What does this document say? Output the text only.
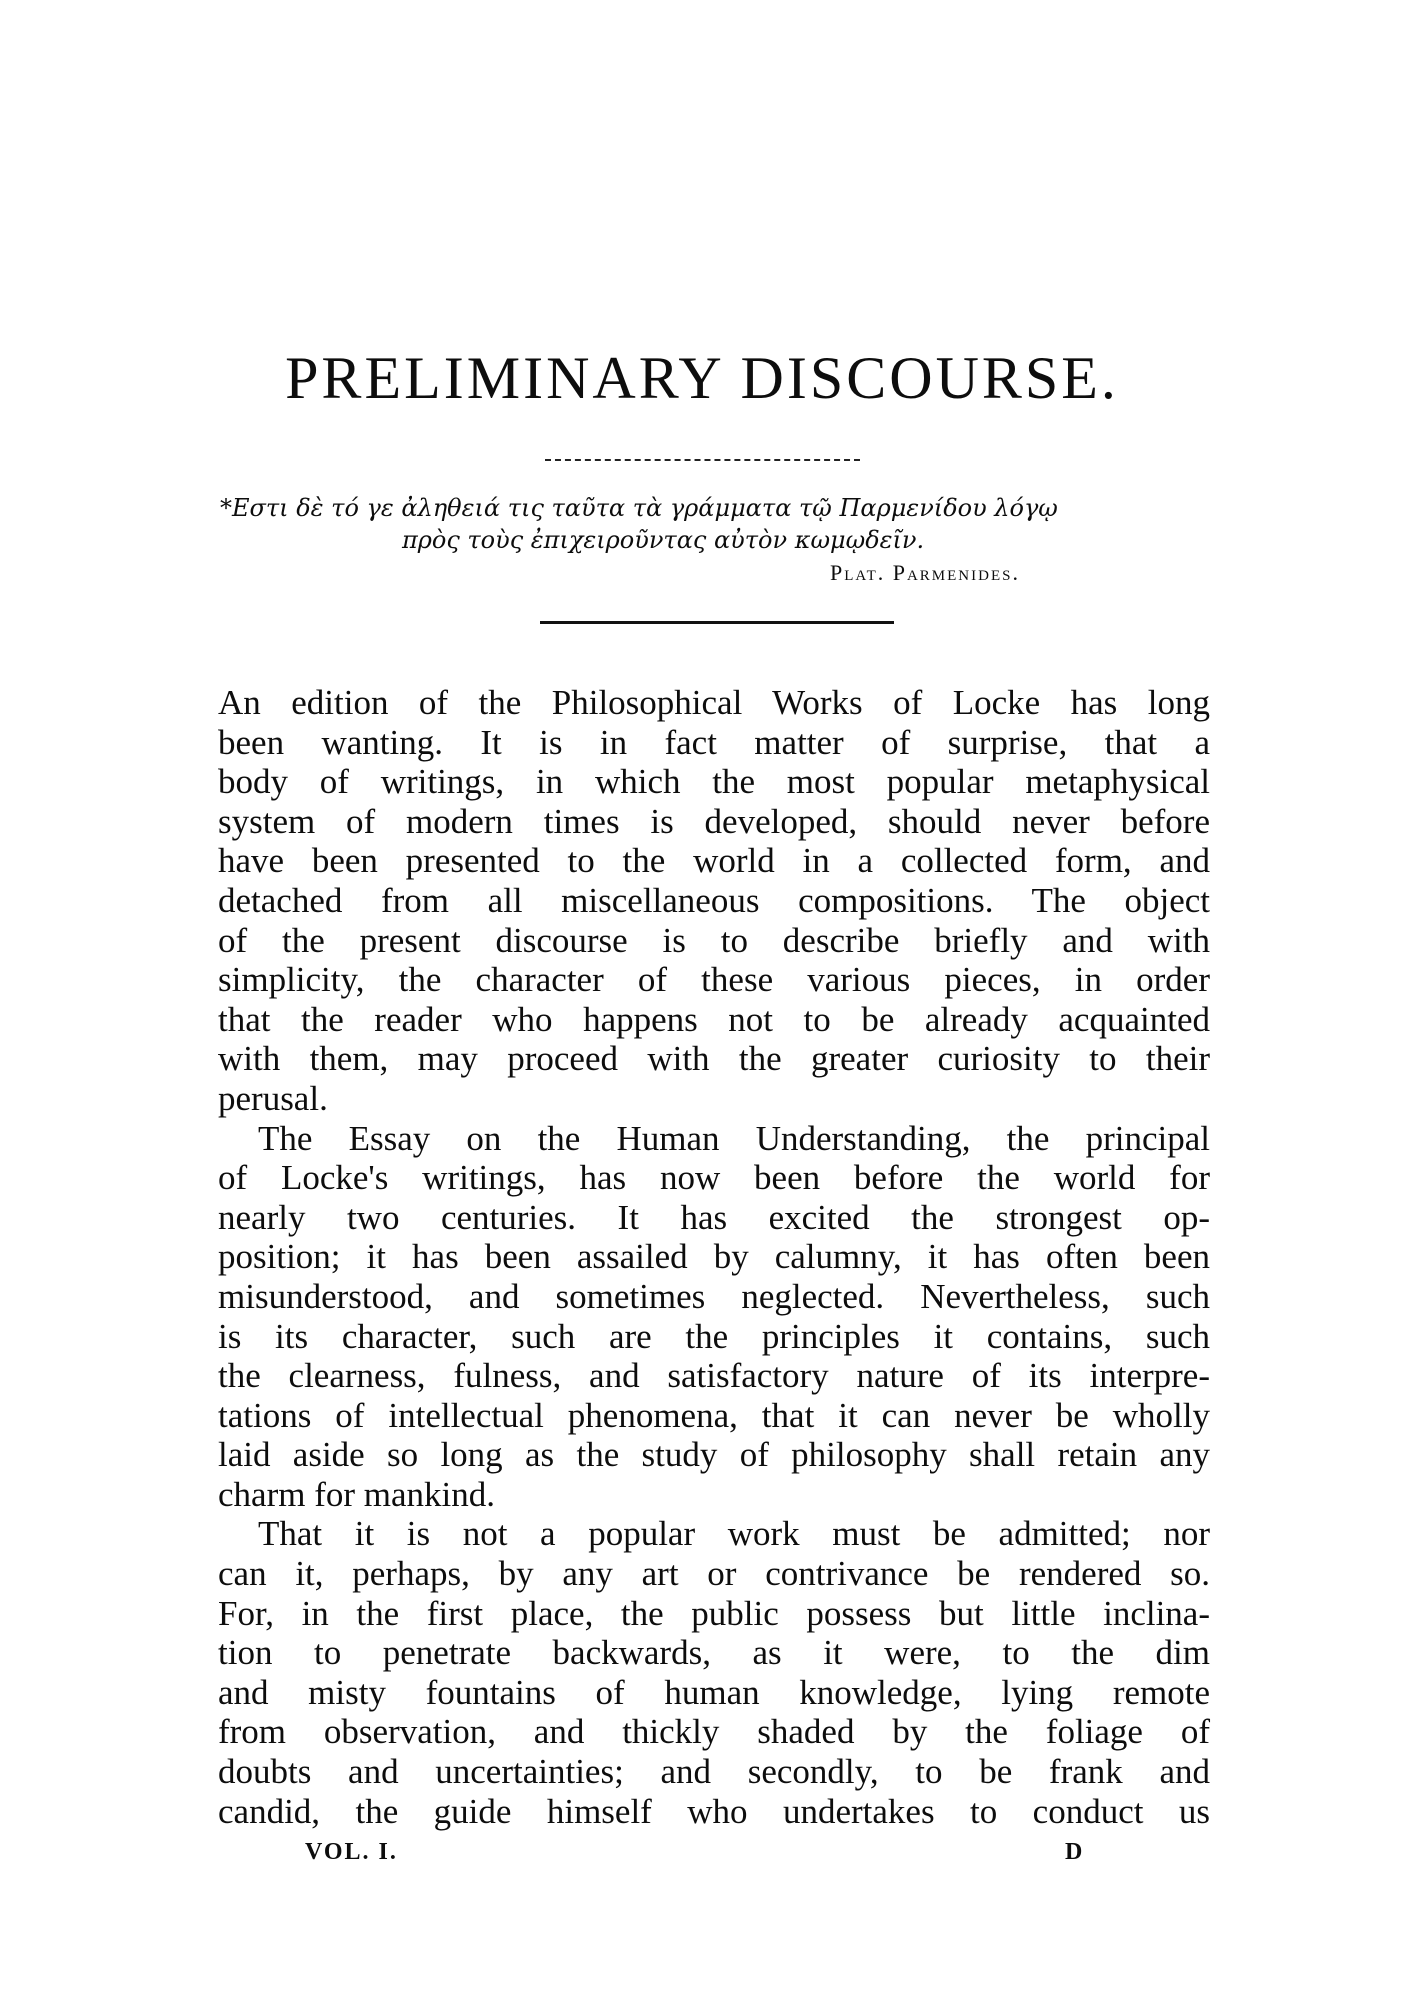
PRELIMINARY DISCOURSE.
*Εστι δὲ τό γε ἀληθειά τις ταῦτα τὰ γράμματα τῷ Παρμενίδου λόγῳ
πρὸς τοὺς ἐπιχειροῦντας αὐτὸν κωμῳδεῖν.
Plat. Parmenides.
An edition of the Philosophical Works of Locke has long
been wanting. It is in fact matter of surprise, that a
body of writings, in which the most popular metaphysical
system of modern times is developed, should never before
have been presented to the world in a collected form, and
detached from all miscellaneous compositions. The object
of the present discourse is to describe briefly and with
simplicity, the character of these various pieces, in order
that the reader who happens not to be already acquainted
with them, may proceed with the greater curiosity to their
perusal.
The Essay on the Human Understanding, the principal
of Locke's writings, has now been before the world for
nearly two centuries. It has excited the strongest op-
position; it has been assailed by calumny, it has often been
misunderstood, and sometimes neglected. Nevertheless, such
is its character, such are the principles it contains, such
the clearness, fulness, and satisfactory nature of its interpre-
tations of intellectual phenomena, that it can never be wholly
laid aside so long as the study of philosophy shall retain any
charm for mankind.
That it is not a popular work must be admitted; nor
can it, perhaps, by any art or contrivance be rendered so.
For, in the first place, the public possess but little inclina-
tion to penetrate backwards, as it were, to the dim
and misty fountains of human knowledge, lying remote
from observation, and thickly shaded by the foliage of
doubts and uncertainties; and secondly, to be frank and
candid, the guide himself who undertakes to conduct us
VOL. I.	D
